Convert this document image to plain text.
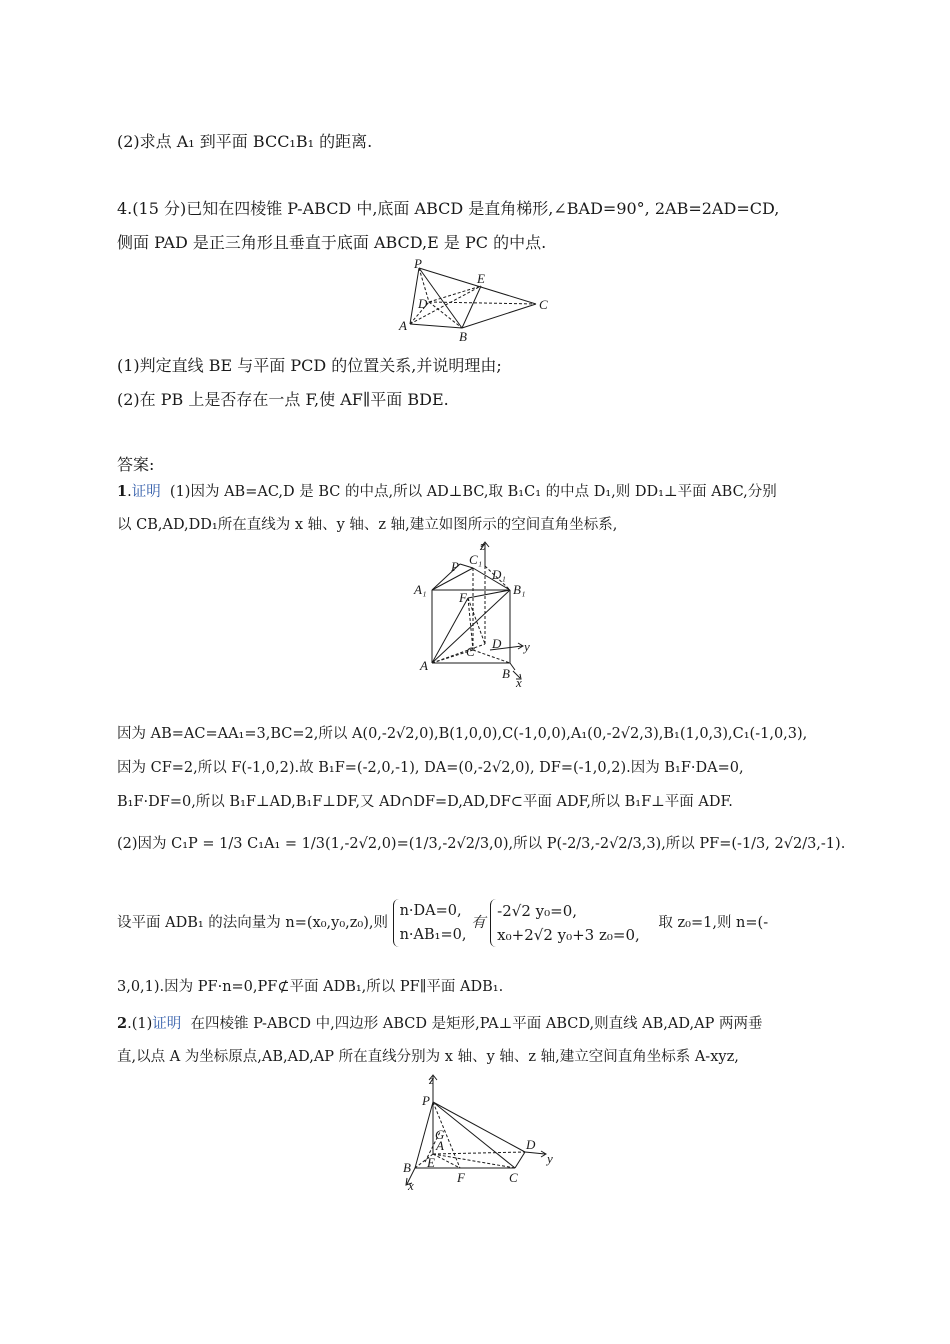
(2)求点 A₁ 到平面 BCC₁B₁ 的距离.
4.(15 分)已知在四棱锥 P-ABCD 中,底面 ABCD 是直角梯形,∠BAD=90°, 2AB=2AD=CD,
侧面 PAD 是正三角形且垂直于底面 ABCD,E 是 PC 的中点.
P
E
D	C
A
B
(1)判定直线 BE 与平面 PCD 的位置关系,并说明理由;
(2)在 PB 上是否存在一点 F,使 AF∥平面 BDE.
答案:
1.证明 (1)因为 AB=AC,D 是 BC 的中点,所以 AD⊥BC,取 B₁C₁ 的中点 D₁,则 DD₁⊥平面 ABC,分别
以 CB,AD,DD₁所在直线为 x 轴、y 轴、z 轴,建立如图所示的空间直角坐标系,
z
P C₁
D₁
A₁	B₁
F
C
D y
A
B
x
因为 AB=AC=AA₁=3,BC=2,所以 A(0,-2√2,0),B(1,0,0),C(-1,0,0),A₁(0,-2√2,3),B₁(1,0,3),C₁(-1,0,3),
因为 CF=2,所以 F(-1,0,2).故 B₁F=(-2,0,-1), DA=(0,-2√2,0), DF=(-1,0,2).因为 B₁F·DA=0,
B₁F·DF=0,所以 B₁F⊥AD,B₁F⊥DF,又 AD∩DF=D,AD,DF⊂平面 ADF,所以 B₁F⊥平面 ADF.
(2)因为 C₁P = 1/3 C₁A₁ = 1/3(1,-2√2,0)=(1/3,-2√2/3,0),所以 P(-2/3,-2√2/3,3),所以 PF=(-1/3, 2√2/3,-1).
设平面 ADB₁ 的法向量为 n=(x₀,y₀,z₀),则
n·DA=0,
n·AB₁=0,
有
-2√2 y₀=0,
x₀+2√2 y₀+3 z₀=0,
取 z₀=1,则 n=(-
3,0,1).因为 PF·n=0,PF⊄平面 ADB₁,所以 PF∥平面 ADB₁.
2.(1)证明 在四棱锥 P-ABCD 中,四边形 ABCD 是矩形,PA⊥平面 ABCD,则直线 AB,AD,AP 两两垂
直,以点 A 为坐标原点,AB,AD,AP 所在直线分别为 x 轴、y 轴、z 轴,建立空间直角坐标系 A-xyz,
z
P
G
A	D
y
B E
F	C
x
